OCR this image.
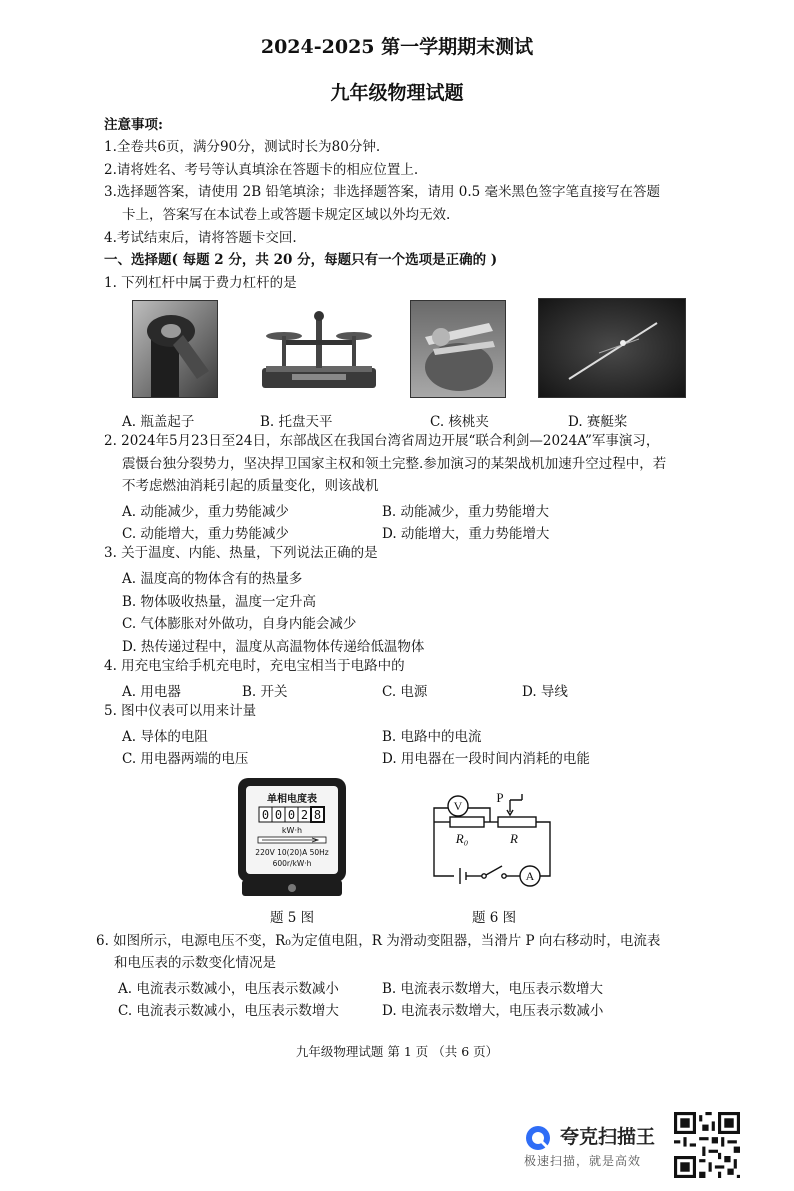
2024-2025 第一学期期末测试
九年级物理试题
注意事项:
1.全卷共6页，满分90分，测试时长为80分钟.
2.请将姓名、考号等认真填涂在答题卡的相应位置上.
3.选择题答案，请使用 2B 铅笔填涂；非选择题答案，请用 0.5 毫米黑色签字笔直接写在答题
卡上，答案写在本试卷上或答题卡规定区域以外均无效.
4.考试结束后，请将答题卡交回.
一、选择题( 每题 2 分，共 20 分，每题只有一个选项是正确的 )
1. 下列杠杆中属于费力杠杆的是
A. 瓶盖起子	B. 托盘天平	C. 核桃夹	D. 赛艇桨
2. 2024年5月23日至24日，东部战区在我国台湾省周边开展“联合利剑—2024A”军事演习，
震慑台独分裂势力，坚决捍卫国家主权和领土完整.参加演习的某架战机加速升空过程中，若
不考虑燃油消耗引起的质量变化，则该战机
A. 动能减少，重力势能减少	B. 动能减少，重力势能增大
C. 动能增大，重力势能减少	D. 动能增大，重力势能增大
3. 关于温度、内能、热量，下列说法正确的是
A. 温度高的物体含有的热量多
B. 物体吸收热量，温度一定升高
C. 气体膨胀对外做功，自身内能会减少
D. 热传递过程中，温度从高温物体传递给低温物体
4. 用充电宝给手机充电时，充电宝相当于电路中的
A. 用电器	B. 开关	C. 电源	D. 导线
5. 图中仪表可以用来计量
A. 导体的电阻	B. 电路中的电流
C. 用电器两端的电压	D. 用电器在一段时间内消耗的电能
单相电度表
0 0 0 2 8
kW·h
220V 10(20)A 50Hz
600r/kW·h
V
A
P
R₀	R
题 5 图	题 6 图
6. 如图所示，电源电压不变，R₀为定值电阻，R 为滑动变阻器，当滑片 P 向右移动时，电流表
和电压表的示数变化情况是
A. 电流表示数减小，电压表示数减小	B. 电流表示数增大，电压表示数增大
C. 电流表示数减小，电压表示数增大	D. 电流表示数增大，电压表示数减小
九年级物理试题 第 1 页 （共 6 页）
夸克扫描王
极速扫描，就是高效
